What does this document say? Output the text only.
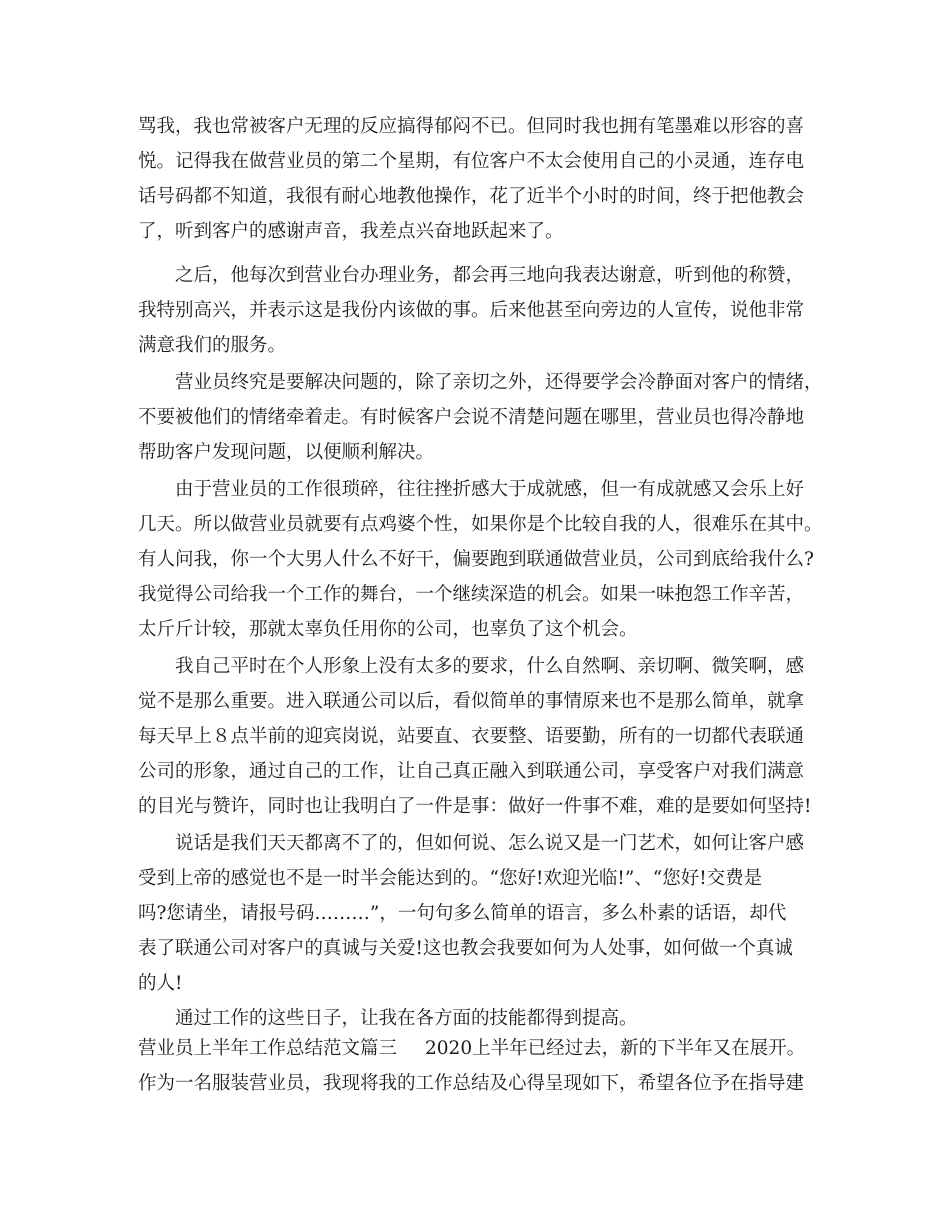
骂我，我也常被客户无理的反应搞得郁闷不已。但同时我也拥有笔墨难以形容的喜
悦。记得我在做营业员的第二个星期，有位客户不太会使用自己的小灵通，连存电
话号码都不知道，我很有耐心地教他操作，花了近半个小时的时间，终于把他教会
了，听到客户的感谢声音，我差点兴奋地跃起来了。
之后，他每次到营业台办理业务，都会再三地向我表达谢意，听到他的称赞，
我特别高兴，并表示这是我份内该做的事。后来他甚至向旁边的人宣传，说他非常
满意我们的服务。
营业员终究是要解决问题的，除了亲切之外，还得要学会冷静面对客户的情绪，
不要被他们的情绪牵着走。有时候客户会说不清楚问题在哪里，营业员也得冷静地
帮助客户发现问题，以便顺利解决。
由于营业员的工作很琐碎，往往挫折感大于成就感，但一有成就感又会乐上好
几天。所以做营业员就要有点鸡婆个性，如果你是个比较自我的人，很难乐在其中。
有人问我，你一个大男人什么不好干，偏要跑到联通做营业员，公司到底给我什么?
我觉得公司给我一个工作的舞台，一个继续深造的机会。如果一味抱怨工作辛苦，
太斤斤计较，那就太辜负任用你的公司，也辜负了这个机会。
我自己平时在个人形象上没有太多的要求，什么自然啊、亲切啊、微笑啊，感
觉不是那么重要。进入联通公司以后，看似简单的事情原来也不是那么简单，就拿
每天早上８点半前的迎宾岗说，站要直、衣要整、语要勤，所有的一切都代表联通
公司的形象，通过自己的工作，让自己真正融入到联通公司，享受客户对我们满意
的目光与赞许，同时也让我明白了一件是事：做好一件事不难，难的是要如何坚持!
说话是我们天天都离不了的，但如何说、怎么说又是一门艺术，如何让客户感
受到上帝的感觉也不是一时半会能达到的。“您好!欢迎光临!”、“您好!交费是
吗?您请坐，请报号码………”，一句句多么简单的语言，多么朴素的话语，却代
表了联通公司对客户的真诚与关爱!这也教会我要如何为人处事，如何做一个真诚
的人!
通过工作的这些日子，让我在各方面的技能都得到提高。
营业员上半年工作总结范文篇三 2020上半年已经过去，新的下半年又在展开。
作为一名服装营业员，我现将我的工作总结及心得呈现如下，希望各位予在指导建
